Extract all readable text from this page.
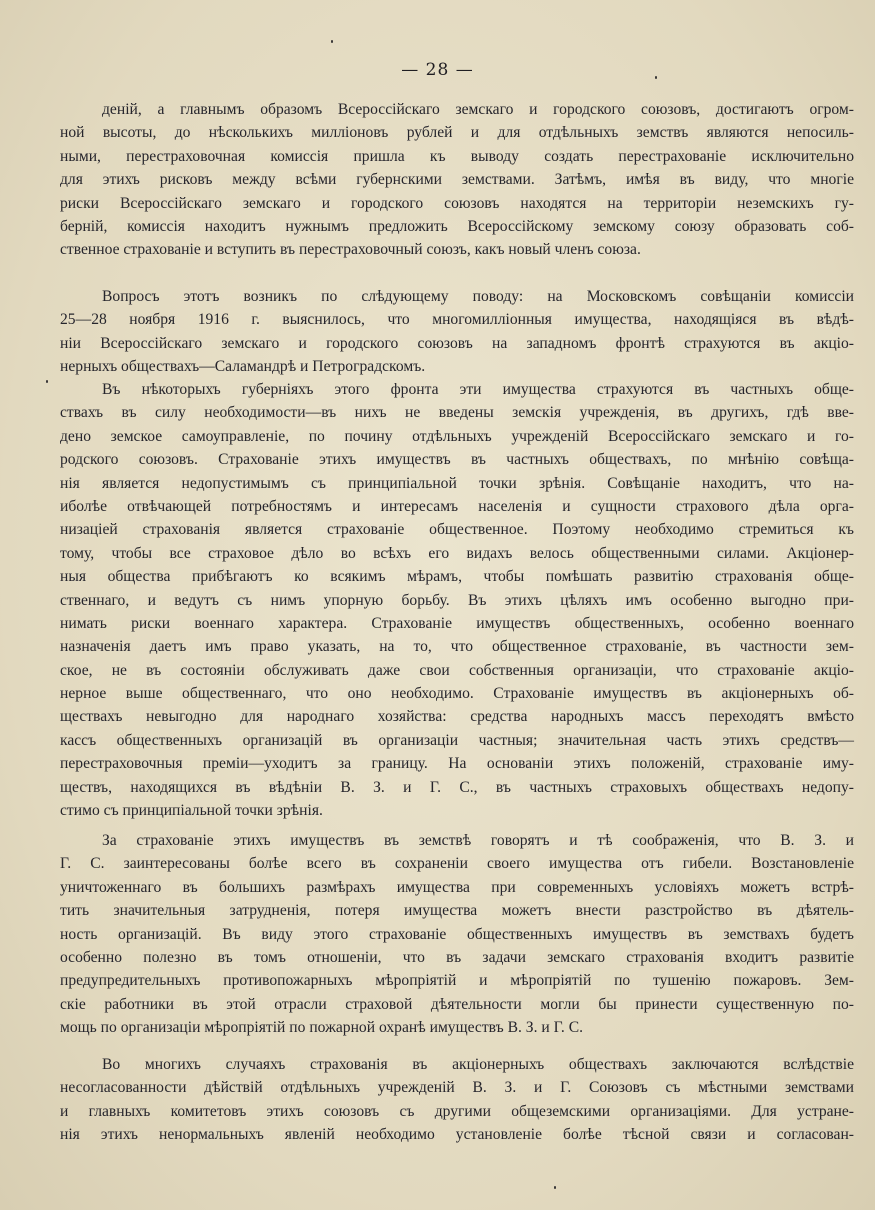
— 28 —

деній, а главнымъ образомъ Всероссійскаго земскаго и городского союзовъ, достигаютъ огром-
ной высоты, до нѣсколькихъ милліоновъ рублей и для отдѣльныхъ земствъ являются непосиль-
ными, перестраховочная комиссія пришла къ выводу создать перестрахованіе исключительно
для этихъ рисковъ между всѣми губернскими земствами. Затѣмъ, имѣя въ виду, что многіе
риски Всероссійскаго земскаго и городского союзовъ находятся на территоріи неземскихъ гу-
берній, комиссія находитъ нужнымъ предложить Всероссійскому земскому союзу образовать соб-
ственное страхованіе и вступить въ перестраховочный союзъ, какъ новый членъ союза.

Вопросъ этотъ возникъ по слѣдующему поводу: на Московскомъ совѣщаніи комиссіи
25—28 ноября 1916 г. выяснилось, что многомилліонныя имущества, находящіяся въ вѣдѣ-
ніи Всероссійскаго земскаго и городского союзовъ на западномъ фронтѣ страхуются въ акціо-
нерныхъ обществахъ—Саламандрѣ и Петроградскомъ.

Въ нѣкоторыхъ губерніяхъ этого фронта эти имущества страхуются въ частныхъ обще-
ствахъ въ силу необходимости—въ нихъ не введены земскія учрежденія, въ другихъ, гдѣ вве-
дено земское самоуправленіе, по почину отдѣльныхъ учрежденій Всероссійскаго земскаго и го-
родского союзовъ. Страхованіе этихъ имуществъ въ частныхъ обществахъ, по мнѣнію совѣща-
нія является недопустимымъ съ принципіальной точки зрѣнія. Совѣщаніе находитъ, что на-
иболѣе отвѣчающей потребностямъ и интересамъ населенія и сущности страхового дѣла орга-
низаціей страхованія является страхованіе общественное. Поэтому необходимо стремиться къ
тому, чтобы все страховое дѣло во всѣхъ его видахъ велось общественными силами. Акціонер-
ныя общества прибѣгаютъ ко всякимъ мѣрамъ, чтобы помѣшать развитію страхованія обще-
ственнаго, и ведутъ съ нимъ упорную борьбу. Въ этихъ цѣляхъ имъ особенно выгодно при-
нимать риски военнаго характера. Страхованіе имуществъ общественныхъ, особенно военнаго
назначенія даетъ имъ право указать, на то, что общественное страхованіе, въ частности зем-
ское, не въ состояніи обслуживать даже свои собственныя организаціи, что страхованіе акціо-
нерное выше общественнаго, что оно необходимо. Страхованіе имуществъ въ акціонерныхъ об-
ществахъ невыгодно для народнаго хозяйства: средства народныхъ массъ переходятъ вмѣсто
кассъ общественныхъ организацій въ организаціи частныя; значительная часть этихъ средствъ—
перестраховочныя преміи—уходитъ за границу. На основаніи этихъ положеній, страхованіе иму-
ществъ, находящихся въ вѣдѣніи В. З. и Г. С., въ частныхъ страховыхъ обществахъ недопу-
стимо съ принципіальной точки зрѣнія.

За страхованіе этихъ имуществъ въ земствѣ говорятъ и тѣ соображенія, что В. З. и
Г. С. заинтересованы болѣе всего въ сохраненіи своего имущества отъ гибели. Возстановленіе
уничтоженнаго въ большихъ размѣрахъ имущества при современныхъ условіяхъ можетъ встрѣ-
тить значительныя затрудненія, потеря имущества можетъ внести разстройство въ дѣятель-
ность организацій. Въ виду этого страхованіе общественныхъ имуществъ въ земствахъ будетъ
особенно полезно въ томъ отношеніи, что въ задачи земскаго страхованія входитъ развитіе
предупредительныхъ противопожарныхъ мѣропріятій и мѣропріятій по тушенію пожаровъ. Зем-
скіе работники въ этой отрасли страховой дѣятельности могли бы принести существенную по-
мощь по организаціи мѣропріятій по пожарной охранѣ имуществъ В. З. и Г. С.

Во многихъ случаяхъ страхованія въ акціонерныхъ обществахъ заключаются вслѣдствіе
несогласованности дѣйствій отдѣльныхъ учрежденій В. З. и Г. Союзовъ съ мѣстными земствами
и главныхъ комитетовъ этихъ союзовъ съ другими общеземскими организаціями. Для устране-
нія этихъ ненормальныхъ явленій необходимо установленіе болѣе тѣсной связи и согласован-
